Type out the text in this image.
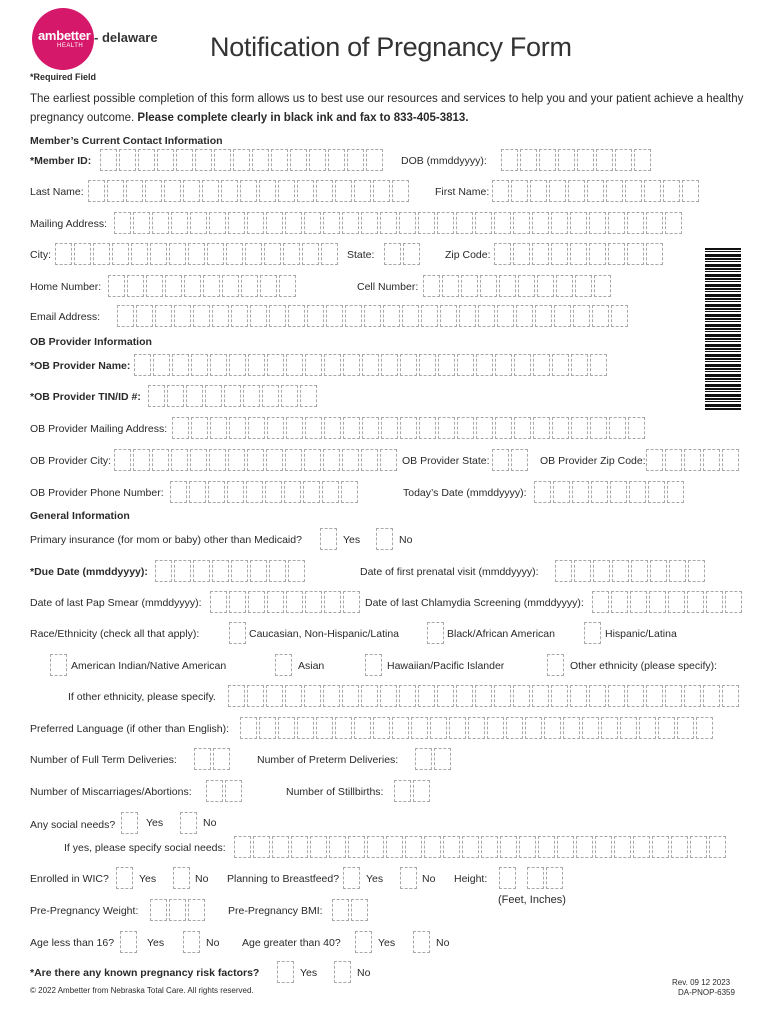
ambetter
HEALTH
- delaware Notification of Pregnancy Form
*Required Field
The earliest possible completion of this form allows us to best use our resources and services to help you and your patient achieve a healthy pregnancy outcome. Please complete clearly in black ink and fax to 833-405-3813.
Member’s Current Contact Information
*Member ID:	DOB (mmddyyyy):
Last Name:	First Name:
Mailing Address:
City:	State:	Zip Code:
Home Number:	Cell Number:
Email Address:
OB Provider Information
*OB Provider Name:
*OB Provider TIN/ID #:
OB Provider Mailing Address:
OB Provider City:	OB Provider State:	OB Provider Zip Code:
OB Provider Phone Number:	Today’s Date (mmddyyyy):
General Information
Primary insurance (for mom or baby) other than Medicaid?	Yes	No
*Due Date (mmddyyyy):	Date of first prenatal visit (mmddyyyy):
Date of last Pap Smear (mmddyyyy):	Date of last Chlamydia Screening (mmddyyyy):
Race/Ethnicity (check all that apply):	Caucasian, Non-Hispanic/Latina	Black/African American	Hispanic/Latina
American Indian/Native American	Asian	Hawaiian/Pacific Islander	Other ethnicity (please specify):
If other ethnicity, please specify.
Preferred Language (if other than English):
Number of Full Term Deliveries:	Number of Preterm Deliveries:
Number of Miscarriages/Abortions:	Number of Stillbirths:
Any social needs?	Yes	No
If yes, please specify social needs:
Enrolled in WIC?	Yes	No Planning to Breastfeed?	Yes	No Height:
(Feet, Inches)
Pre-Pregnancy Weight:	Pre-Pregnancy BMI:
Age less than 16?	Yes	No Age greater than 40?	Yes	No
*Are there any known pregnancy risk factors?	Yes	No
© 2022 Ambetter from Nebraska Total Care. All rights reserved.
Rev. 09 12 2023
DA-PNOP-6359
